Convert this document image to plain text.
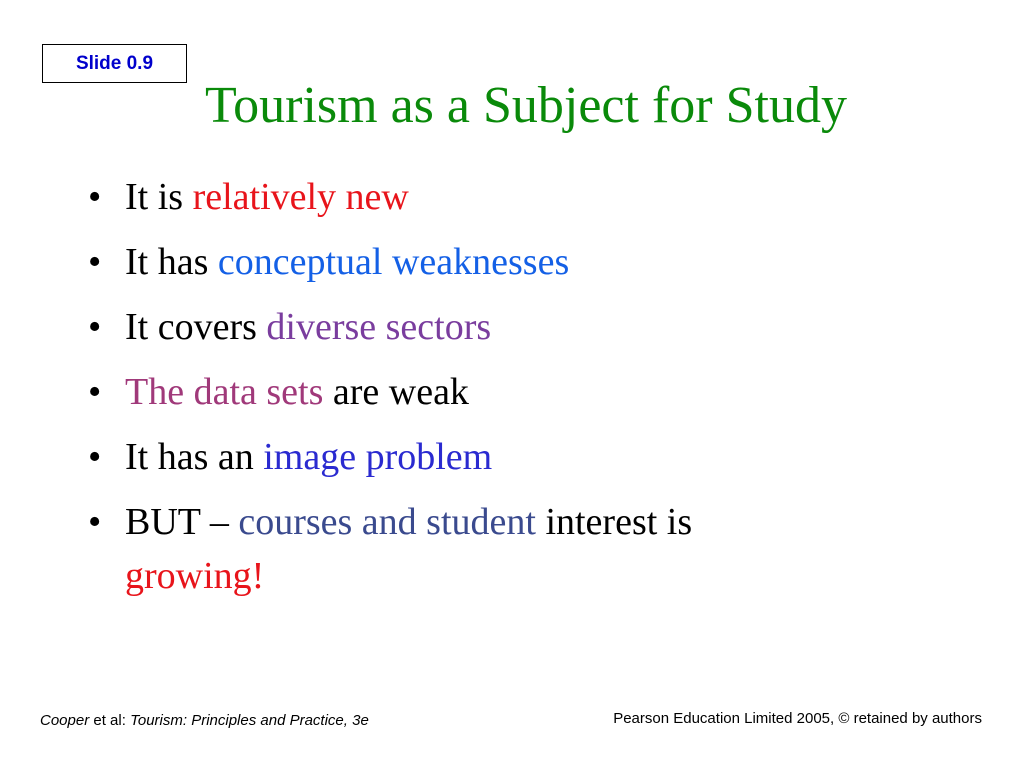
Slide 0.9
Tourism as a Subject for Study
• It is relatively new
• It has conceptual weaknesses
• It covers diverse sectors
• The data sets are weak
• It has an image problem
• BUT – courses and student interest is
growing!
Cooper et al: Tourism: Principles and Practice, 3e	Pearson Education Limited 2005, © retained by authors
